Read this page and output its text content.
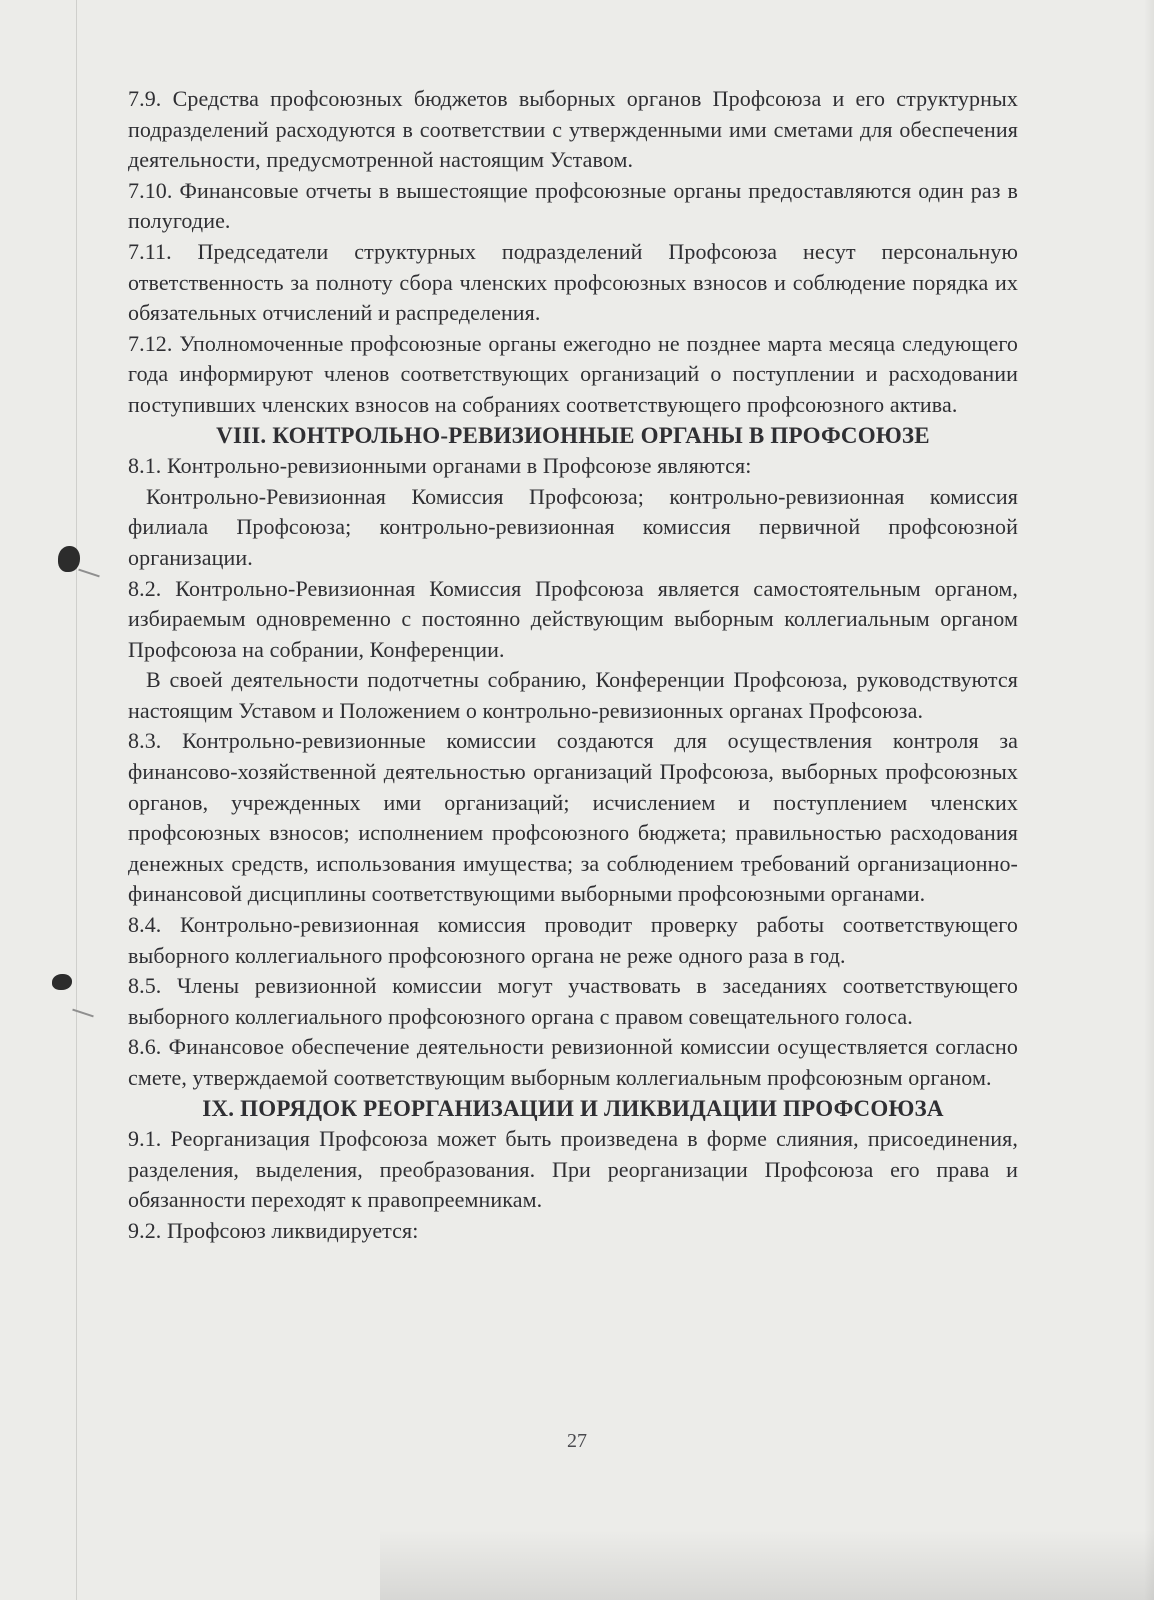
7.9. Средства профсоюзных бюджетов выборных органов Профсоюза и его структурных подразделений расходуются в соответствии с утвержденными ими сметами для обеспечения деятельности, предусмотренной настоящим Уставом.

7.10. Финансовые отчеты в вышестоящие профсоюзные органы предоставляются один раз в полугодие.

7.11. Председатели структурных подразделений Профсоюза несут персональную ответственность за полноту сбора членских профсоюзных взносов и соблюдение порядка их обязательных отчислений и распределения.

7.12. Уполномоченные профсоюзные органы ежегодно не позднее марта месяца следующего года информируют членов соответствующих организаций о поступлении и расходовании поступивших членских взносов на собраниях соответствующего профсоюзного актива.

VIII. КОНТРОЛЬНО-РЕВИЗИОННЫЕ ОРГАНЫ В ПРОФСОЮЗЕ

8.1. Контрольно-ревизионными органами в Профсоюзе являются:

Контрольно-Ревизионная Комиссия Профсоюза; контрольно-ревизионная комиссия филиала Профсоюза; контрольно-ревизионная комиссия первичной профсоюзной организации.

8.2. Контрольно-Ревизионная Комиссия Профсоюза является самостоятельным органом, избираемым одновременно с постоянно действующим выборным коллегиальным органом Профсоюза на собрании, Конференции.

В своей деятельности подотчетны собранию, Конференции Профсоюза, руководствуются настоящим Уставом и Положением о контрольно-ревизионных органах Профсоюза.

8.3. Контрольно-ревизионные комиссии создаются для осуществления контроля за финансово-хозяйственной деятельностью организаций Профсоюза, выборных профсоюзных органов, учрежденных ими организаций; исчислением и поступлением членских профсоюзных взносов; исполнением профсоюзного бюджета; правильностью расходования денежных средств, использования имущества; за соблюдением требований организационно-финансовой дисциплины соответствующими выборными профсоюзными органами.

8.4. Контрольно-ревизионная комиссия проводит проверку работы соответствующего выборного коллегиального профсоюзного органа не реже одного раза в год.

8.5. Члены ревизионной комиссии могут участвовать в заседаниях соответствующего выборного коллегиального профсоюзного органа с правом совещательного голоса.

8.6. Финансовое обеспечение деятельности ревизионной комиссии осуществляется согласно смете, утверждаемой соответствующим выборным коллегиальным профсоюзным органом.

IX. ПОРЯДОК РЕОРГАНИЗАЦИИ И ЛИКВИДАЦИИ ПРОФСОЮЗА

9.1. Реорганизация Профсоюза может быть произведена в форме слияния, присоединения, разделения, выделения, преобразования. При реорганизации Профсоюза его права и обязанности переходят к правопреемникам.

9.2. Профсоюз ликвидируется:

27
